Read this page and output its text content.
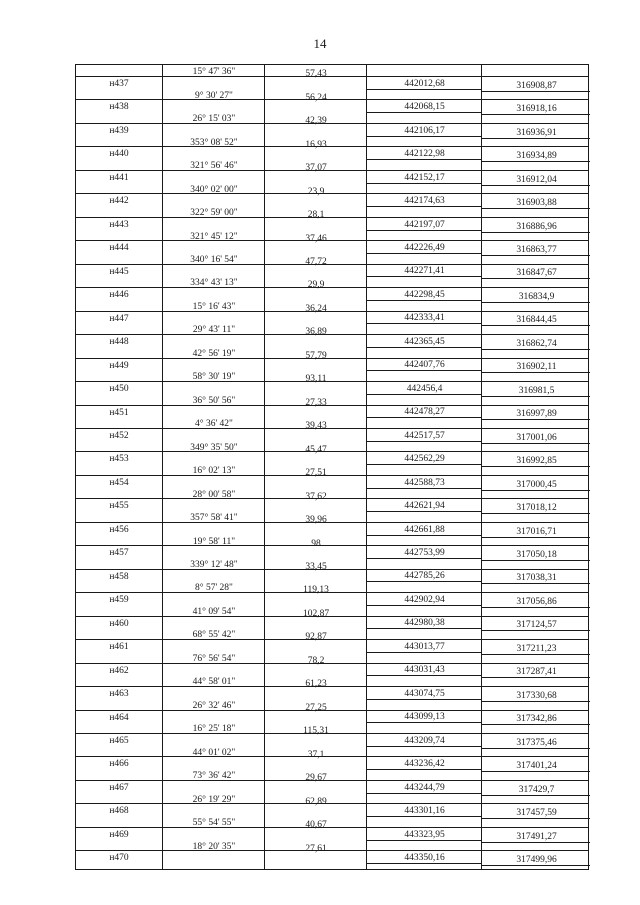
14
15° 47' 36"	57,43
н437	442012,68	316908,87
9° 30' 27"	56,24
н438	442068,15	316918,16
26° 15' 03"	42,39
н439	442106,17	316936,91
353° 08' 52"	16,93
н440	442122,98	316934,89
321° 56' 46"	37,07
н441	442152,17	316912,04
340° 02' 00"	23,9
н442	442174,63	316903,88
322° 59' 00"	28,1
н443	442197,07	316886,96
321° 45' 12"	37,46
н444	442226,49	316863,77
340° 16' 54"	47,72
н445	442271,41	316847,67
334° 43' 13"	29,9
н446	442298,45	316834,9
15° 16' 43"	36,24
н447	442333,41	316844,45
29° 43' 11"	36,89
н448	442365,45	316862,74
42° 56' 19"	57,79
н449	442407,76	316902,11
58° 30' 19"	93,11
н450	442456,4	316981,5
36° 50' 56"	27,33
н451	442478,27	316997,89
4° 36' 42"	39,43
н452	442517,57	317001,06
349° 35' 50"	45,47
н453	442562,29	316992,85
16° 02' 13"	27,51
н454	442588,73	317000,45
28° 00' 58"	37,62
н455	442621,94	317018,12
357° 58' 41"	39,96
н456	442661,88	317016,71
19° 58' 11"	98
н457	442753,99	317050,18
339° 12' 48"	33,45
н458	442785,26	317038,31
8° 57' 28"	119,13
н459	442902,94	317056,86
41° 09' 54"	102,87
н460	442980,38	317124,57
68° 55' 42"	92,87
н461	443013,77	317211,23
76° 56' 54"	78,2
н462	443031,43	317287,41
44° 58' 01"	61,23
н463	443074,75	317330,68
26° 32' 46"	27,25
н464	443099,13	317342,86
16° 25' 18"	115,31
н465	443209,74	317375,46
44° 01' 02"	37,1
н466	443236,42	317401,24
73° 36' 42"	29,67
н467	443244,79	317429,7
26° 19' 29"	62,89
н468	443301,16	317457,59
55° 54' 55"	40,67
н469	443323,95	317491,27
18° 20' 35"	27,61
н470	443350,16	317499,96
